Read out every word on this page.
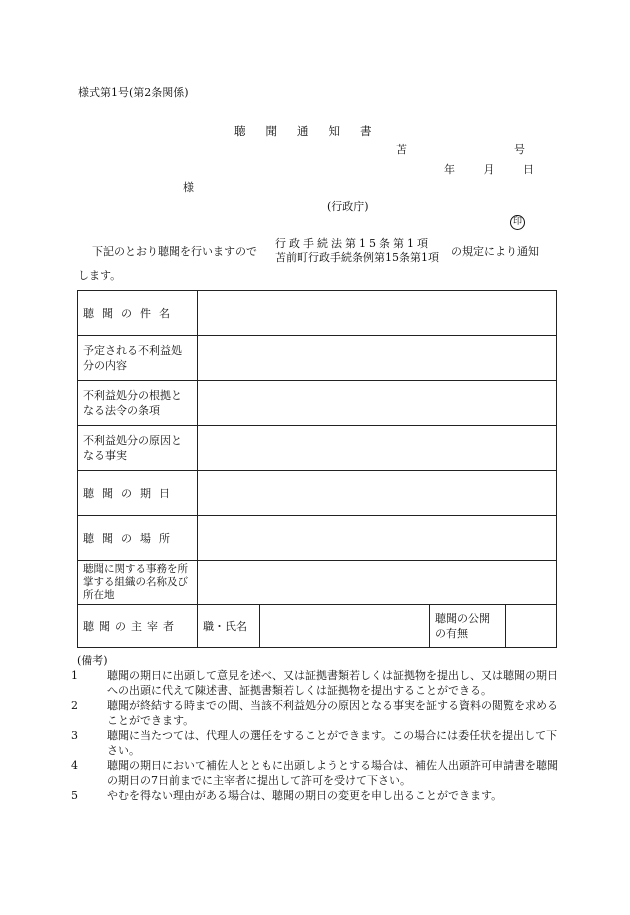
様式第1号(第2条関係)
聴聞通知書
苫	号
年	月	日
様
(行政庁)
印
下記のとおり聴聞を行いますので
行政手続法第15条第1項
苫前町行政手続条例第15条第1項 の規定により通知
します。
聴聞の件名				
予定される不利益処分の内容				
不利益処分の根拠となる法令の条項				
不利益処分の原因となる事実				
聴聞の期日				
聴聞の場所				
聴聞に関する事務を所掌する組織の名称及び所在地				
聴聞の主宰者	職・氏名		聴聞の公開の有無	
(備考)
1	聴聞の期日に出頭して意見を述べ、又は証拠書類若しくは証拠物を提出し、又は聴聞の期日への出頭に代えて陳述書、証拠書類若しくは証拠物を提出することができる。
2	聴聞が終結する時までの間、当該不利益処分の原因となる事実を証する資料の閲覧を求めることができます。
3	聴聞に当たつては、代理人の選任をすることができます。この場合には委任状を提出して下さい。
4	聴聞の期日において補佐人とともに出頭しようとする場合は、補佐人出頭許可申請書を聴聞の期日の7日前までに主宰者に提出して許可を受けて下さい。
5	やむを得ない理由がある場合は、聴聞の期日の変更を申し出ることができます。
